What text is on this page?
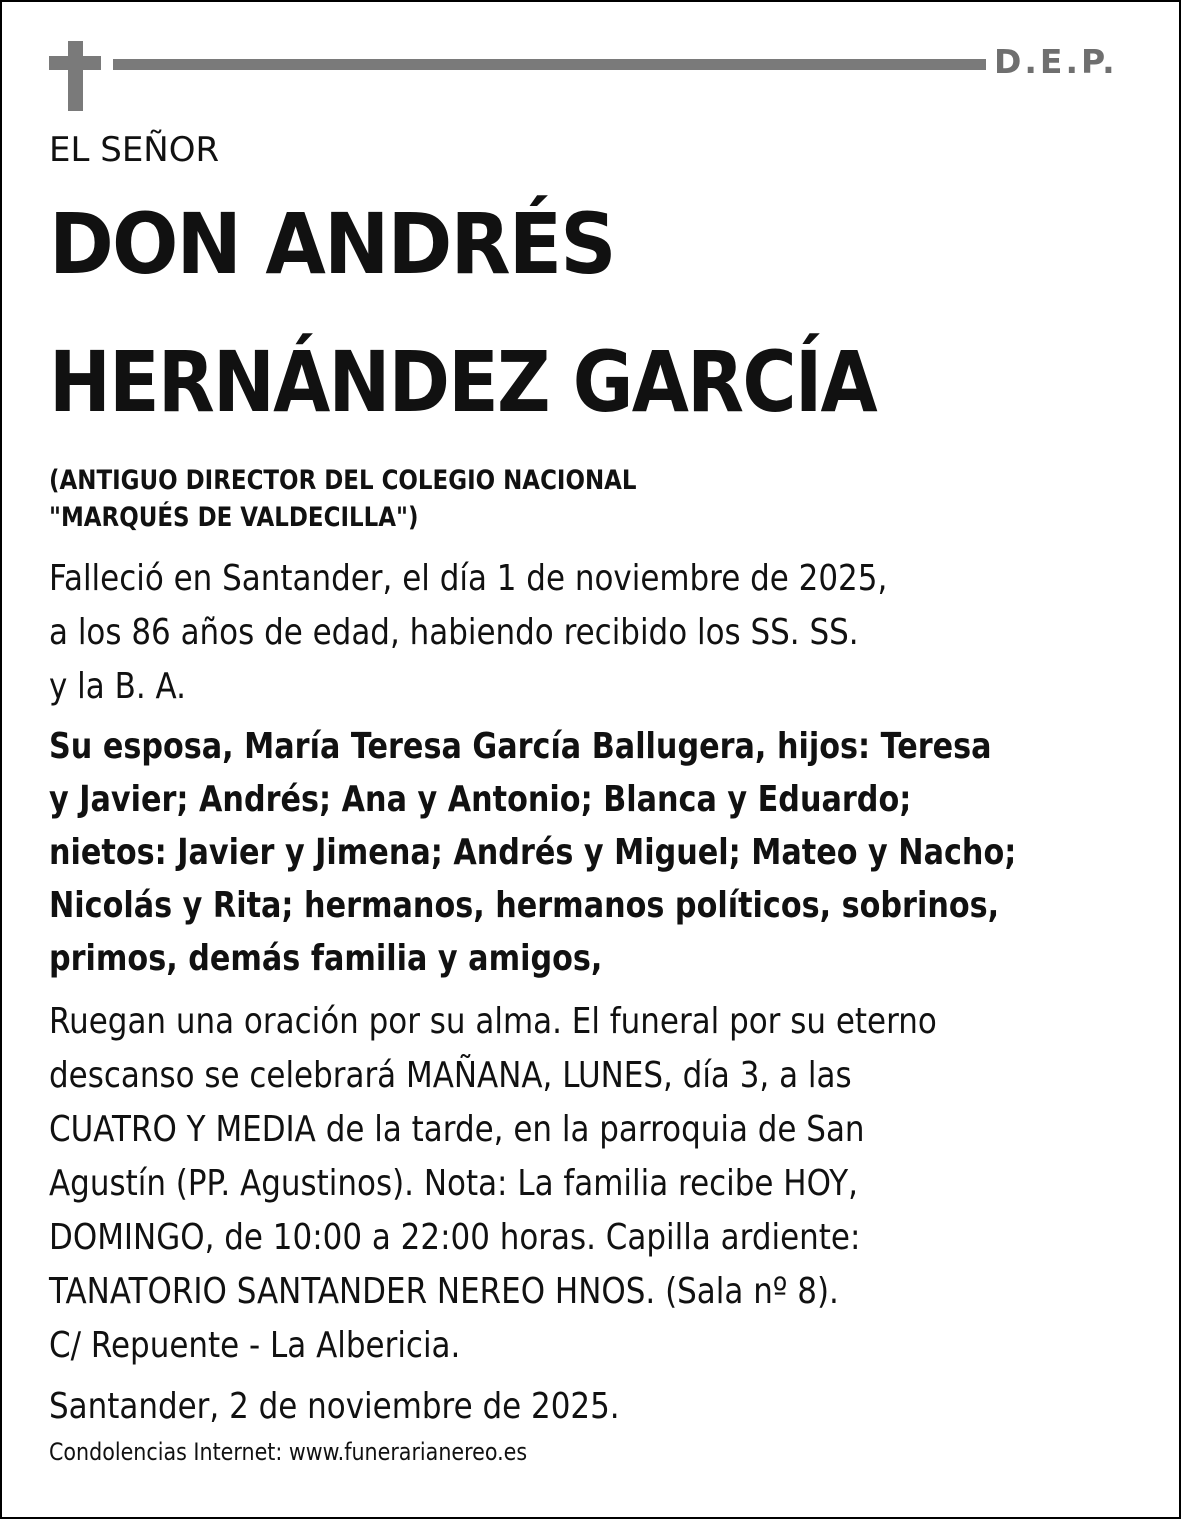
D.E.P.
EL SEÑOR
DON ANDRÉS
HERNÁNDEZ GARCÍA
(ANTIGUO DIRECTOR DEL COLEGIO NACIONAL
"MARQUÉS DE VALDECILLA")
Falleció en Santander, el día 1 de noviembre de 2025,
a los 86 años de edad, habiendo recibido los SS. SS.
y la B. A.
Su esposa, María Teresa García Ballugera, hijos: Teresa
y Javier; Andrés; Ana y Antonio; Blanca y Eduardo;
nietos: Javier y Jimena; Andrés y Miguel; Mateo y Nacho;
Nicolás y Rita; hermanos, hermanos políticos, sobrinos,
primos, demás familia y amigos,
Ruegan una oración por su alma. El funeral por su eterno
descanso se celebrará MAÑANA, LUNES, día 3, a las
CUATRO Y MEDIA de la tarde, en la parroquia de San
Agustín (PP. Agustinos). Nota: La familia recibe HOY,
DOMINGO, de 10:00 a 22:00 horas. Capilla ardiente:
TANATORIO SANTANDER NEREO HNOS. (Sala nº 8).
C/ Repuente - La Albericia.
Santander, 2 de noviembre de 2025.
Condolencias Internet: www.funerarianereo.es
